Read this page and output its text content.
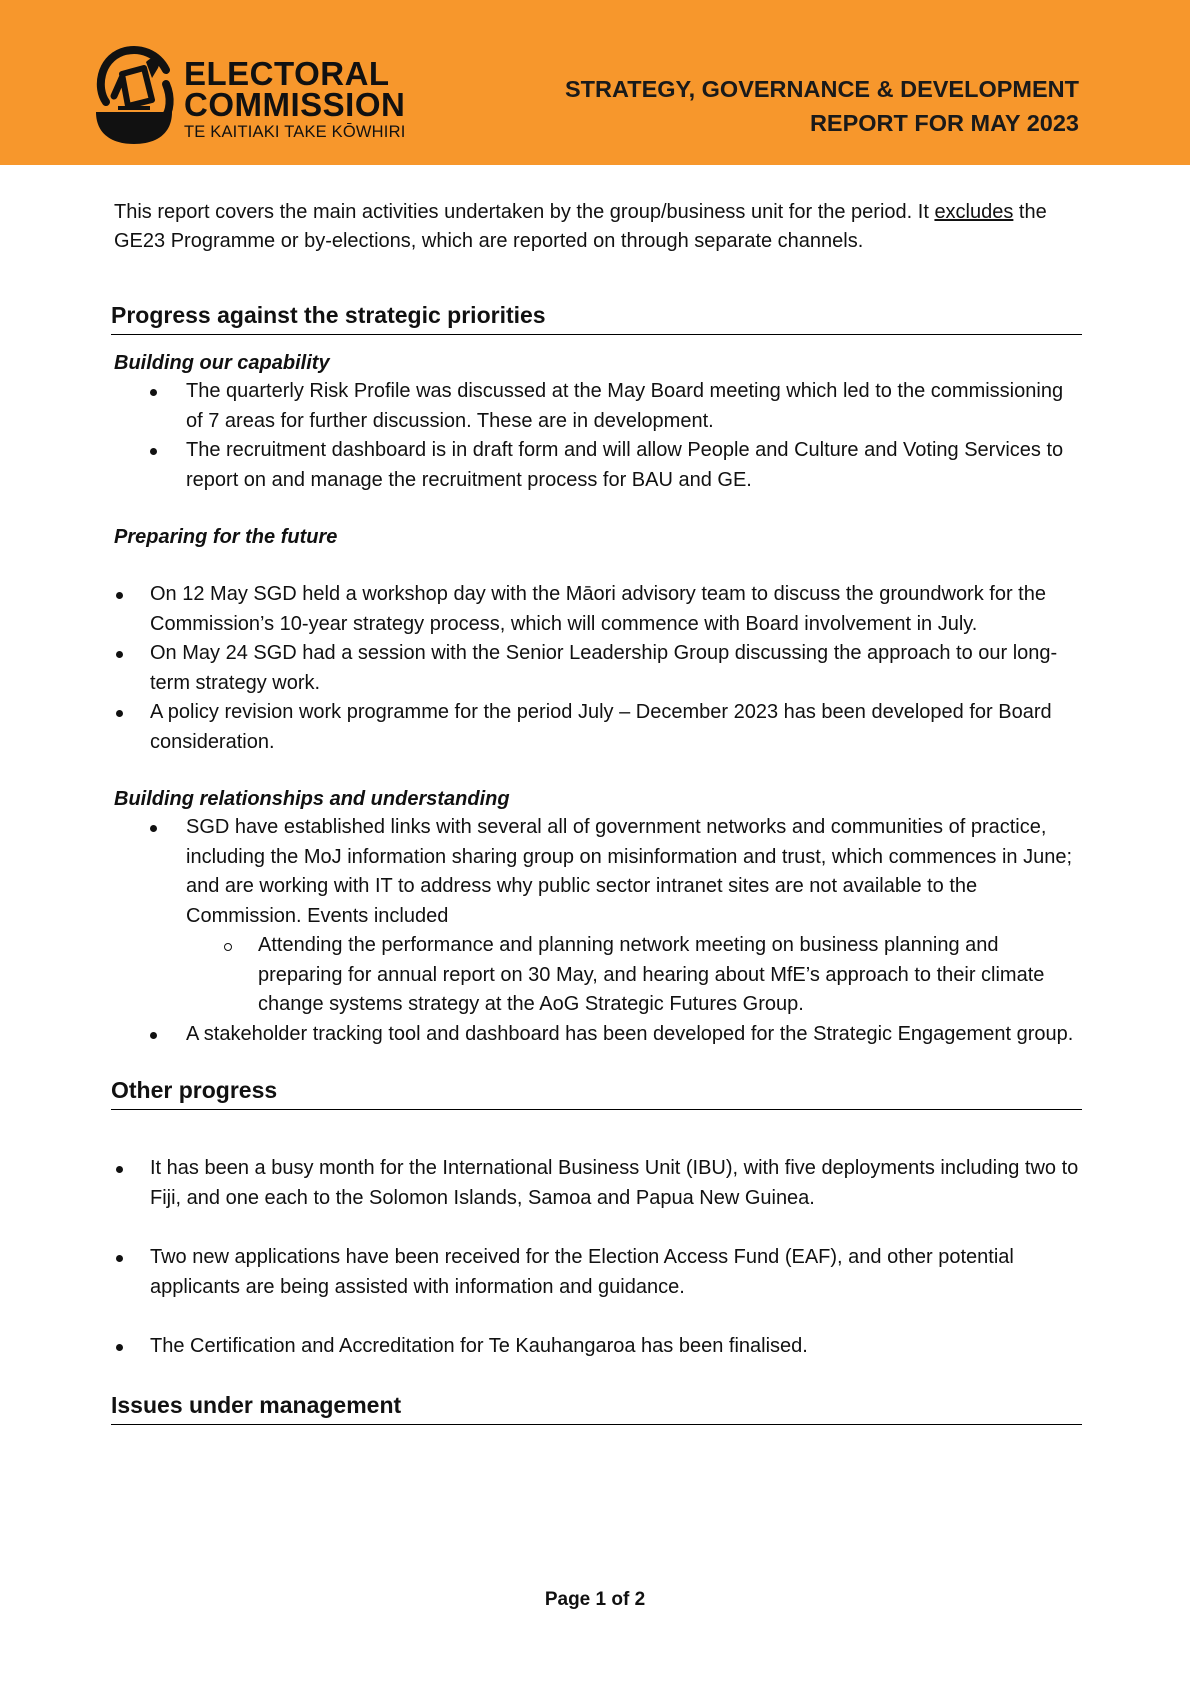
ELECTORAL
COMMISSION
TE KAITIAKI TAKE KŌWHIRI
STRATEGY, GOVERNANCE & DEVELOPMENT
REPORT FOR MAY 2023

This report covers the main activities undertaken by the group/business unit for the period. It excludes the GE23 Programme or by-elections, which are reported on through separate channels.

Progress against the strategic priorities
Building our capability
The quarterly Risk Profile was discussed at the May Board meeting which led to the commissioning of 7 areas for further discussion. These are in development.
The recruitment dashboard is in draft form and will allow People and Culture and Voting Services to report on and manage the recruitment process for BAU and GE.
Preparing for the future
On 12 May SGD held a workshop day with the Māori advisory team to discuss the groundwork for the Commission’s 10-year strategy process, which will commence with Board involvement in July.
On May 24 SGD had a session with the Senior Leadership Group discussing the approach to our long-term strategy work.
A policy revision work programme for the period July – December 2023 has been developed for Board consideration.
Building relationships and understanding
SGD have established links with several all of government networks and communities of practice, including the MoJ information sharing group on misinformation and trust, which commences in June; and are working with IT to address why public sector intranet sites are not available to the Commission. Events included
Attending the performance and planning network meeting on business planning and preparing for annual report on 30 May, and hearing about MfE’s approach to their climate change systems strategy at the AoG Strategic Futures Group.
A stakeholder tracking tool and dashboard has been developed for the Strategic Engagement group.
Other progress
It has been a busy month for the International Business Unit (IBU), with five deployments including two to Fiji, and one each to the Solomon Islands, Samoa and Papua New Guinea.
Two new applications have been received for the Election Access Fund (EAF), and other potential applicants are being assisted with information and guidance.
The Certification and Accreditation for Te Kauhangaroa has been finalised.
Issues under management
Page 1 of 2
